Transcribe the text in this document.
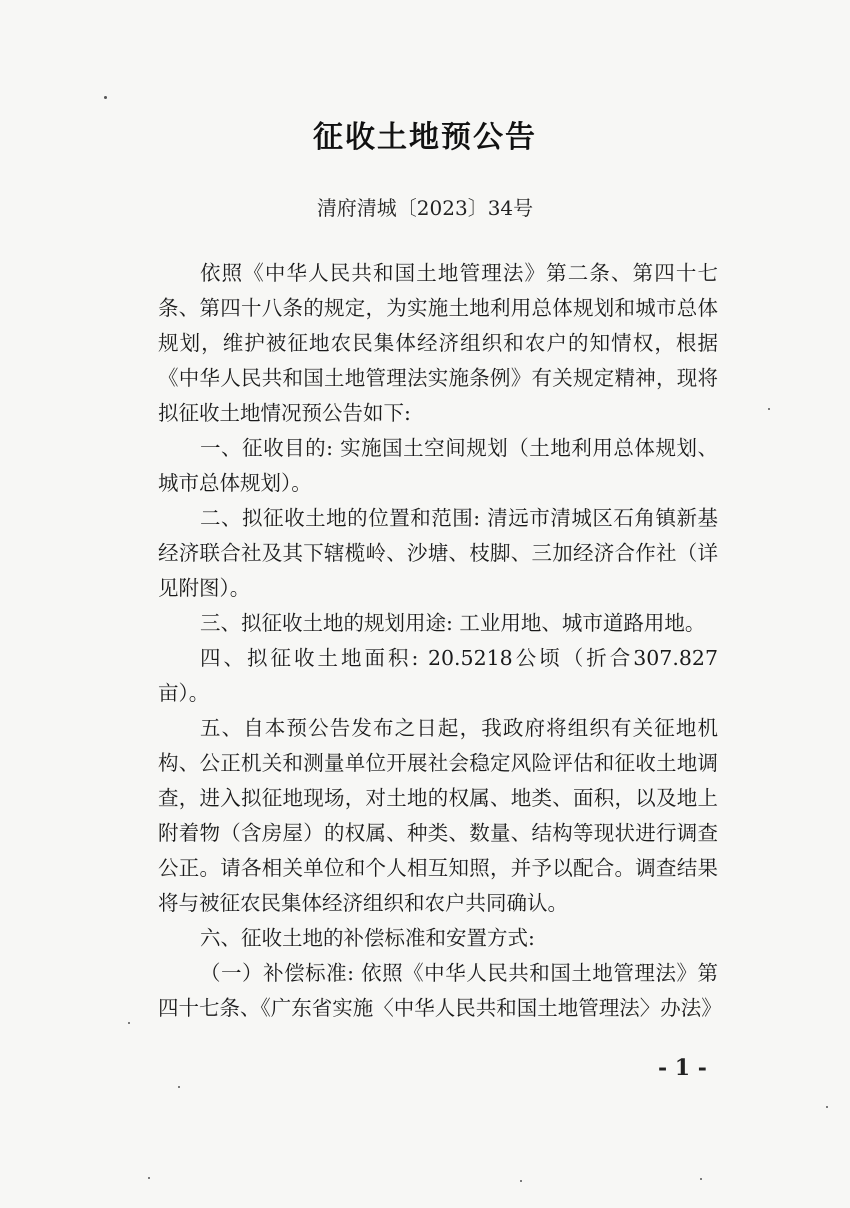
征收土地预公告
清府清城〔2023〕34号

依照《中华人民共和国土地管理法》第二条、第四十七条、第四十八条的规定，为实施土地利用总体规划和城市总体规划，维护被征地农民集体经济组织和农户的知情权，根据《中华人民共和国土地管理法实施条例》有关规定精神，现将拟征收土地情况预公告如下:

一、征收目的: 实施国土空间规划（土地利用总体规划、城市总体规划）。

二、拟征收土地的位置和范围: 清远市清城区石角镇新基经济联合社及其下辖榄岭、沙塘、枝脚、三加经济合作社（详见附图）。

三、拟征收土地的规划用途: 工业用地、城市道路用地。

四、拟征收土地面积: 20.5218公顷（折合307.827亩）。

五、自本预公告发布之日起，我政府将组织有关征地机构、公正机关和测量单位开展社会稳定风险评估和征收土地调查，进入拟征地现场，对土地的权属、地类、面积，以及地上附着物（含房屋）的权属、种类、数量、结构等现状进行调查公正。请各相关单位和个人相互知照，并予以配合。调查结果将与被征农民集体经济组织和农户共同确认。

六、征收土地的补偿标准和安置方式:

（一）补偿标准: 依照《中华人民共和国土地管理法》第四十七条、《广东省实施〈中华人民共和国土地管理法〉办法》

- 1 -
